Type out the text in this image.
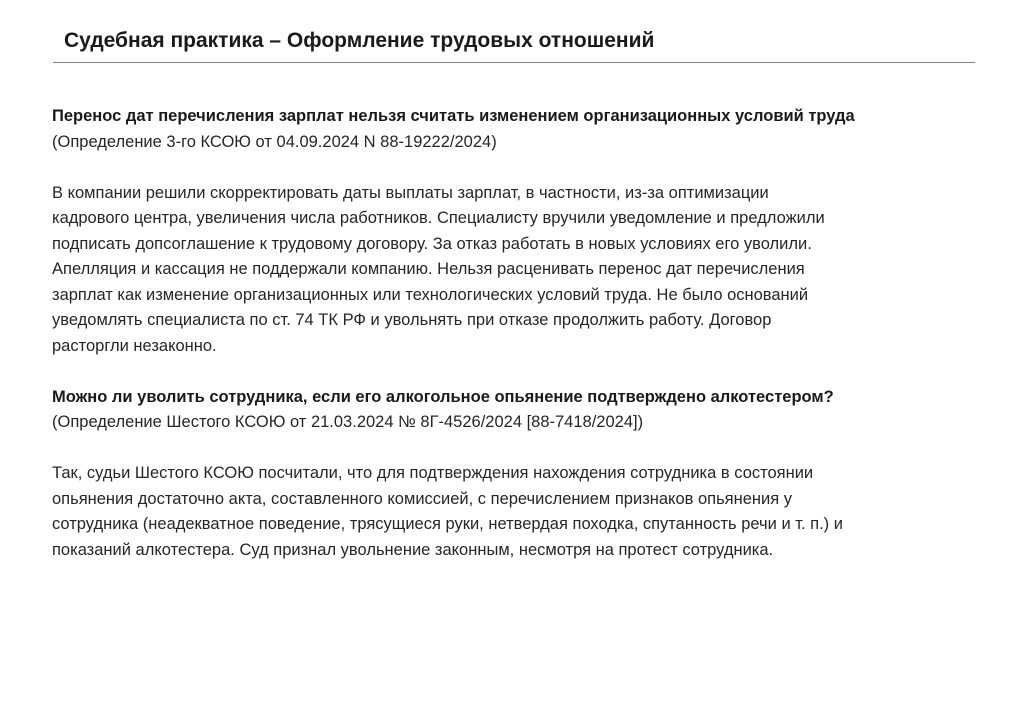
Судебная практика – Оформление трудовых отношений
Перенос дат перечисления зарплат нельзя считать изменением организационных условий труда
(Определение 3-го КСОЮ от 04.09.2024 N 88-19222/2024)
В компании решили скорректировать даты выплаты зарплат, в частности, из-за оптимизации
кадрового центра, увеличения числа работников. Специалисту вручили уведомление и предложили
подписать допсоглашение к трудовому договору. За отказ работать в новых условиях его уволили.
Апелляция и кассация не поддержали компанию. Нельзя расценивать перенос дат перечисления
зарплат как изменение организационных или технологических условий труда. Не было оснований
уведомлять специалиста по ст. 74 ТК РФ и увольнять при отказе продолжить работу. Договор
расторгли незаконно.
Можно ли уволить сотрудника, если его алкогольное опьянение подтверждено алкотестером?
(Определение Шестого КСОЮ от 21.03.2024 № 8Г-4526/2024 [88-7418/2024])
Так, судьи Шестого КСОЮ посчитали, что для подтверждения нахождения сотрудника в состоянии
опьянения достаточно акта, составленного комиссией, с перечислением признаков опьянения у
сотрудника (неадекватное поведение, трясущиеся руки, нетвердая походка, спутанность речи и т. п.) и
показаний алкотестера. Суд признал увольнение законным, несмотря на протест сотрудника.
